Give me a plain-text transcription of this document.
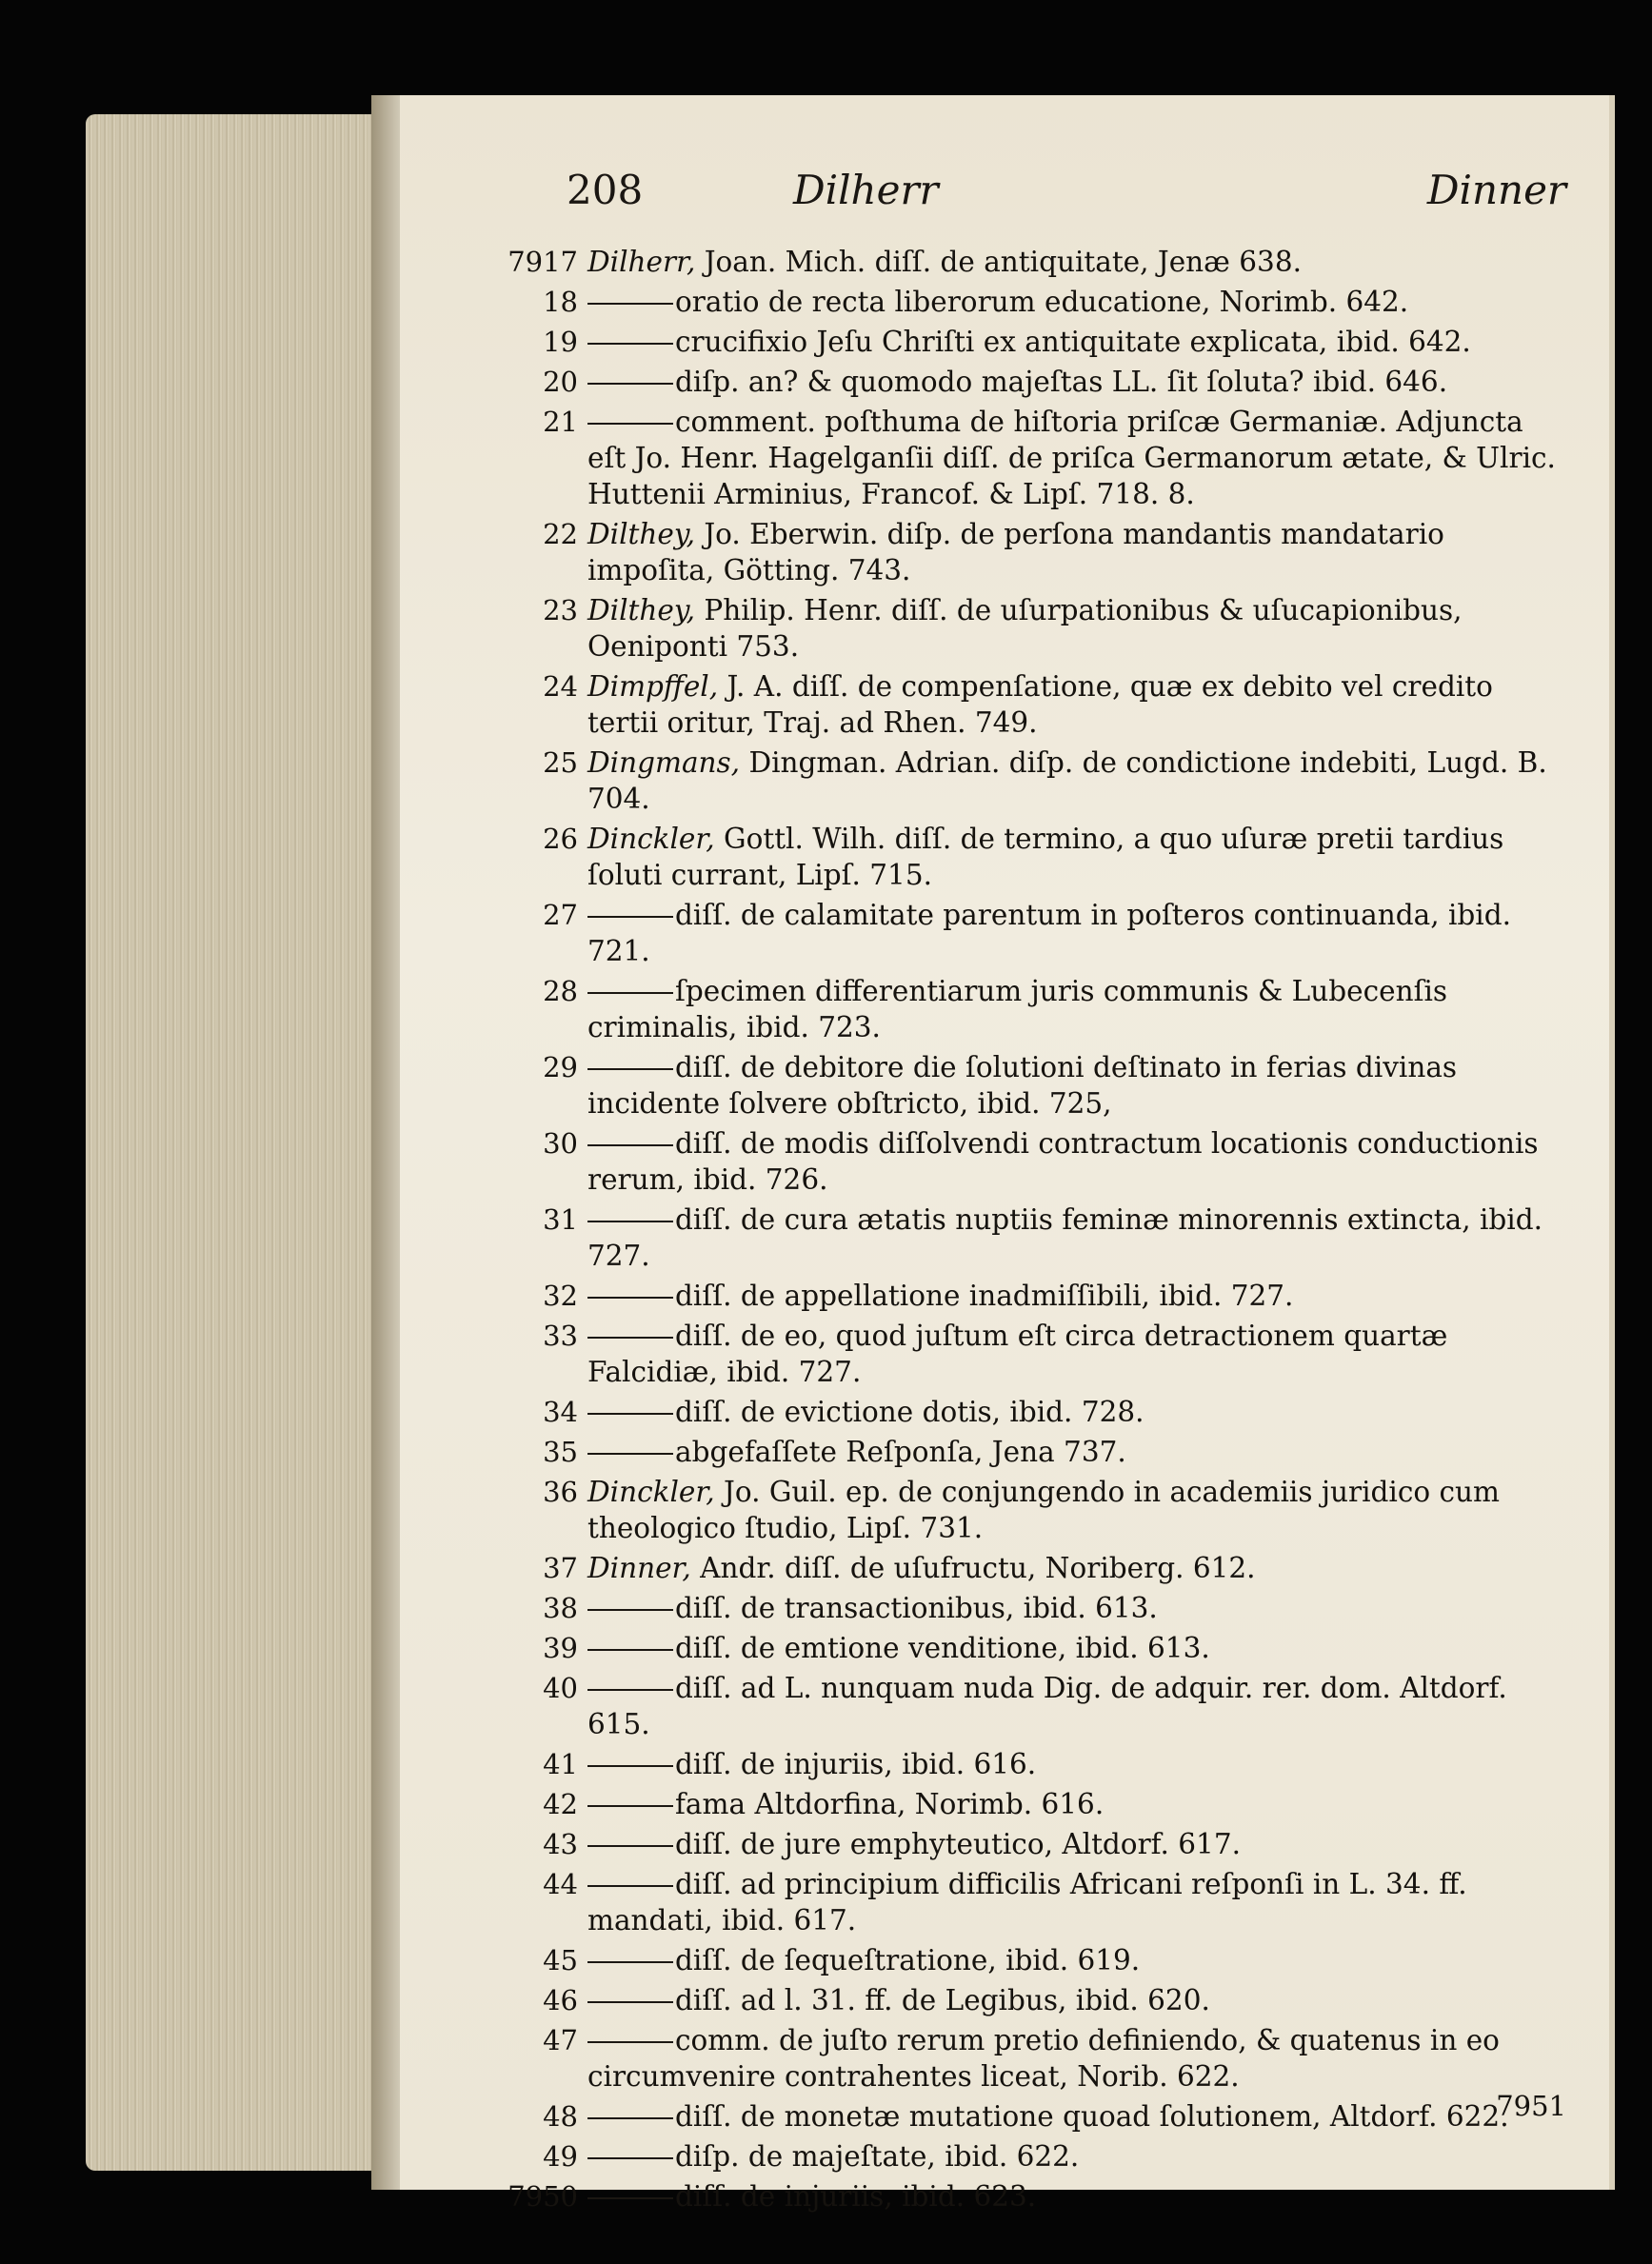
208	Dilherr	Dinner
7917 Dilherr, Joan. Mich. diſſ. de antiquitate, Jenæ 638.
18	oratio de recta liberorum educatione, Norimb. 642.
19	crucifixio Jeſu Chriſti ex antiquitate explicata, ibid. 642.
20	diſp. an? & quomodo majeſtas LL. ſit ſoluta? ibid. 646.
21	comment. poſthuma de hiſtoria priſcæ Germaniæ. Adjuncta eſt Jo. Henr. Hagelganſii diſſ. de priſca Germanorum ætate, & Ulric. Huttenii Arminius, Francof. & Lipſ. 718. 8.
22 Dilthey, Jo. Eberwin. diſp. de perſona mandantis mandatario impoſita, Götting. 743.
23 Dilthey, Philip. Henr. diſſ. de uſurpationibus & uſucapionibus, Oeniponti 753.
24 Dimpffel, J. A. diſſ. de compenſatione, quæ ex debito vel credito tertii oritur, Traj. ad Rhen. 749.
25 Dingmans, Dingman. Adrian. diſp. de condictione indebiti, Lugd. B. 704.
26 Dinckler, Gottl. Wilh. diſſ. de termino, a quo uſuræ pretii tardius ſoluti currant, Lipſ. 715.
27	diſſ. de calamitate parentum in poſteros continuanda, ibid. 721.
28	ſpecimen differentiarum juris communis & Lubecenſis criminalis, ibid. 723.
29	diſſ. de debitore die ſolutioni deſtinato in ferias divinas incidente ſolvere obſtricto, ibid. 725,
30	diſſ. de modis diſſolvendi contractum locationis conductionis rerum, ibid. 726.
31	diſſ. de cura ætatis nuptiis feminæ minorennis extincta, ibid. 727.
32	diſſ. de appellatione inadmiſſibili, ibid. 727.
33	diſſ. de eo, quod juſtum eſt circa detractionem quartæ Falcidiæ, ibid. 727.
34	diſſ. de evictione dotis, ibid. 728.
35	abgefaſſete Reſponſa, Jena 737.
36 Dinckler, Jo. Guil. ep. de conjungendo in academiis juridico cum theologico ſtudio, Lipſ. 731.
37 Dinner, Andr. diſſ. de uſufructu, Noriberg. 612.
38	diſſ. de transactionibus, ibid. 613.
39	diſſ. de emtione venditione, ibid. 613.
40	diſſ. ad L. nunquam nuda Dig. de adquir. rer. dom. Altdorf. 615.
41	diſſ. de injuriis, ibid. 616.
42	fama Altdorfina, Norimb. 616.
43	diſſ. de jure emphyteutico, Altdorf. 617.
44	diſſ. ad principium difficilis Africani reſponſi in L. 34. ff. mandati, ibid. 617.
45	diſſ. de ſequeſtratione, ibid. 619.
46	diſſ. ad l. 31. ff. de Legibus, ibid. 620.
47	comm. de juſto rerum pretio definiendo, & quatenus in eo circumvenire contrahentes liceat, Norib. 622.
48	diſſ. de monetæ mutatione quoad ſolutionem, Altdorf. 622.
49	diſp. de majeſtate, ibid. 622.
7950	diſſ. de injuriis, ibid. 623.
7951
